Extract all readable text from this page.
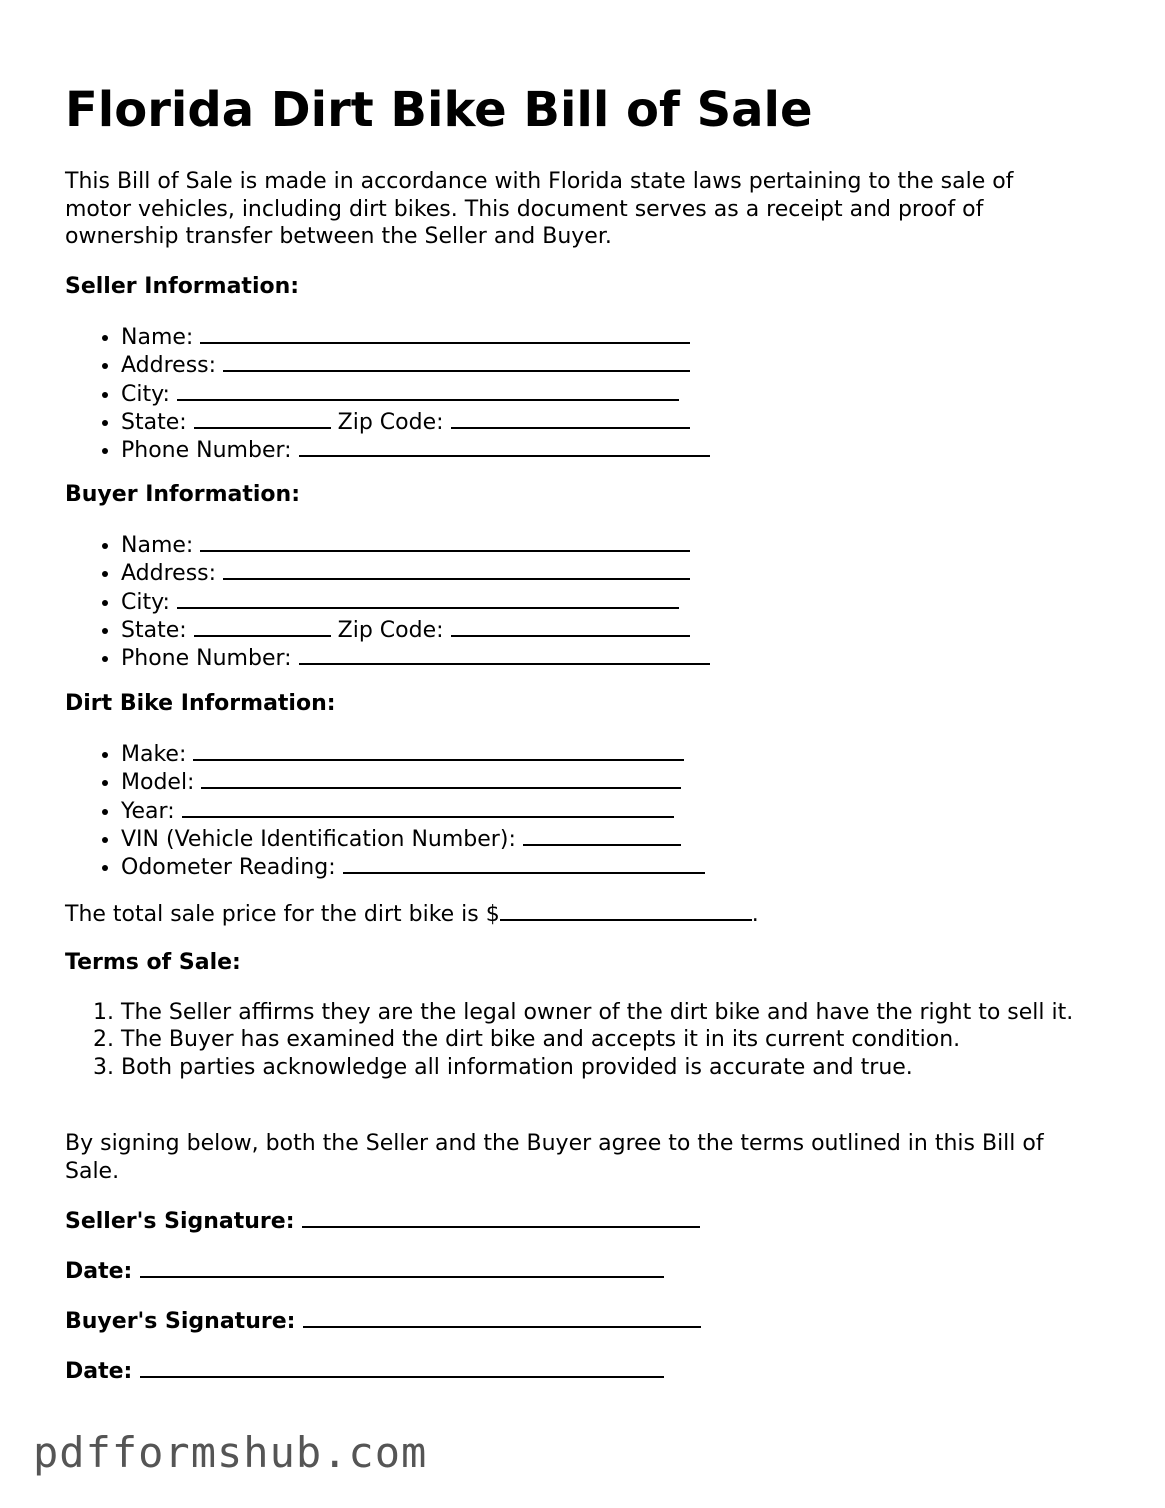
Florida Dirt Bike Bill of Sale

This Bill of Sale is made in accordance with Florida state laws pertaining to the sale of motor vehicles, including dirt bikes. This document serves as a receipt and proof of ownership transfer between the Seller and Buyer.

Seller Information:

• Name:
• Address:
• City:
• State:	Zip Code:
• Phone Number:

Buyer Information:

• Name:
• Address:
• City:
• State:	Zip Code:
• Phone Number:

Dirt Bike Information:

• Make:
• Model:
• Year:
• VIN (Vehicle Identification Number):
• Odometer Reading:

The total sale price for the dirt bike is $	.

Terms of Sale:

1. The Seller affirms they are the legal owner of the dirt bike and have the right to sell it.
2. The Buyer has examined the dirt bike and accepts it in its current condition.
3. Both parties acknowledge all information provided is accurate and true.

By signing below, both the Seller and the Buyer agree to the terms outlined in this Bill of Sale.

Seller's Signature:

Date:

Buyer's Signature:

Date:

pdfformshub.com
